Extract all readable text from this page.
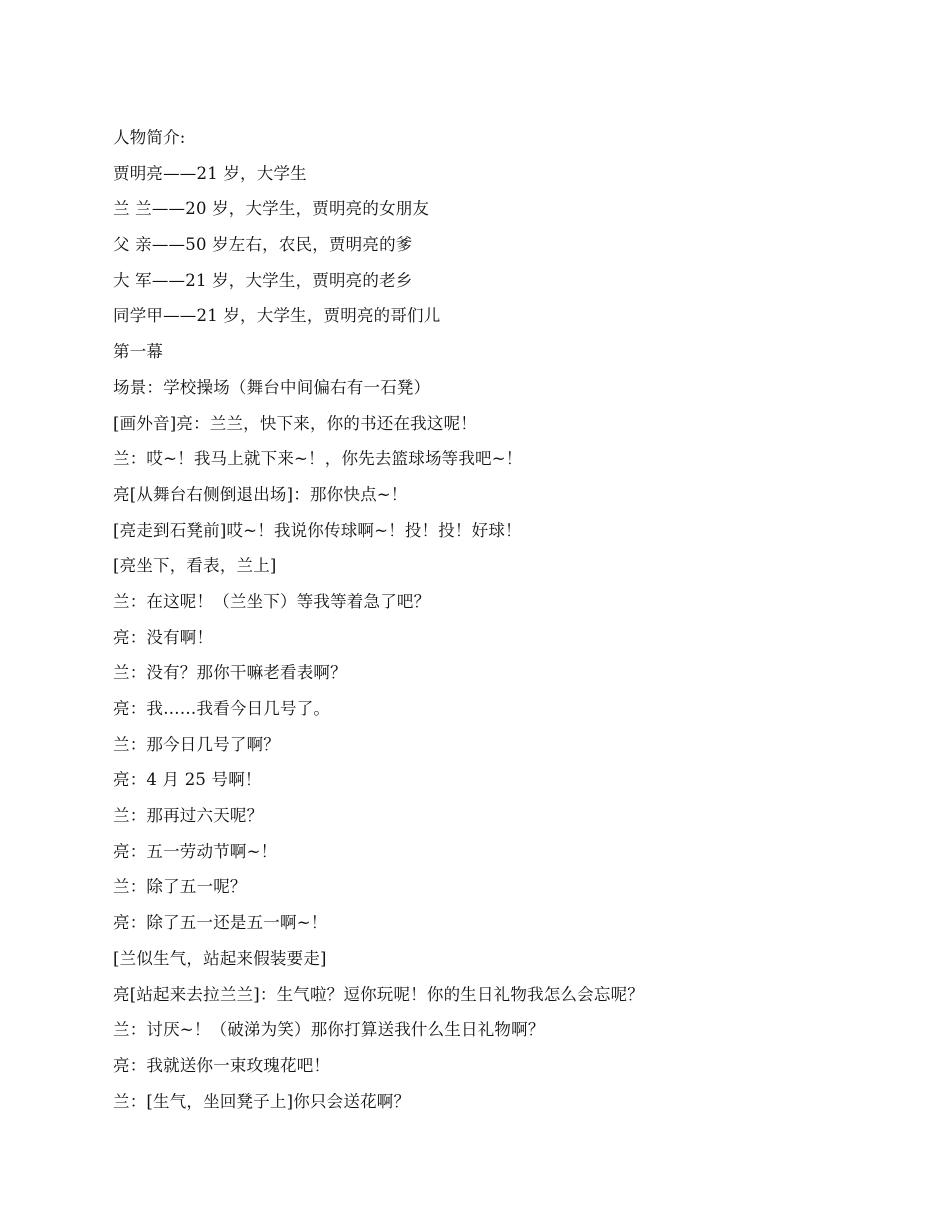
人物简介:
贾明亮——21 岁，大学生
兰 兰——20 岁，大学生，贾明亮的女朋友
父 亲——50 岁左右，农民，贾明亮的爹
大 军——21 岁，大学生，贾明亮的老乡
同学甲——21 岁，大学生，贾明亮的哥们儿
第一幕
场景：学校操场（舞台中间偏右有一石凳）
[画外音]亮：兰兰，快下来，你的书还在我这呢！
兰：哎~！我马上就下来~！，你先去篮球场等我吧~！
亮[从舞台右侧倒退出场]：那你快点~！
[亮走到石凳前]哎~！我说你传球啊~！投！投！好球！
[亮坐下，看表，兰上]
兰：在这呢！（兰坐下）等我等着急了吧？
亮：没有啊！
兰：没有？那你干嘛老看表啊？
亮：我……我看今日几号了。
兰：那今日几号了啊？
亮：4 月 25 号啊！
兰：那再过六天呢？
亮：五一劳动节啊~！
兰：除了五一呢？
亮：除了五一还是五一啊~！
[兰似生气，站起来假装要走]
亮[站起来去拉兰兰]：生气啦？逗你玩呢！你的生日礼物我怎么会忘呢？
兰：讨厌~！（破涕为笑）那你打算送我什么生日礼物啊？
亮：我就送你一束玫瑰花吧！
兰：[生气，坐回凳子上]你只会送花啊？
